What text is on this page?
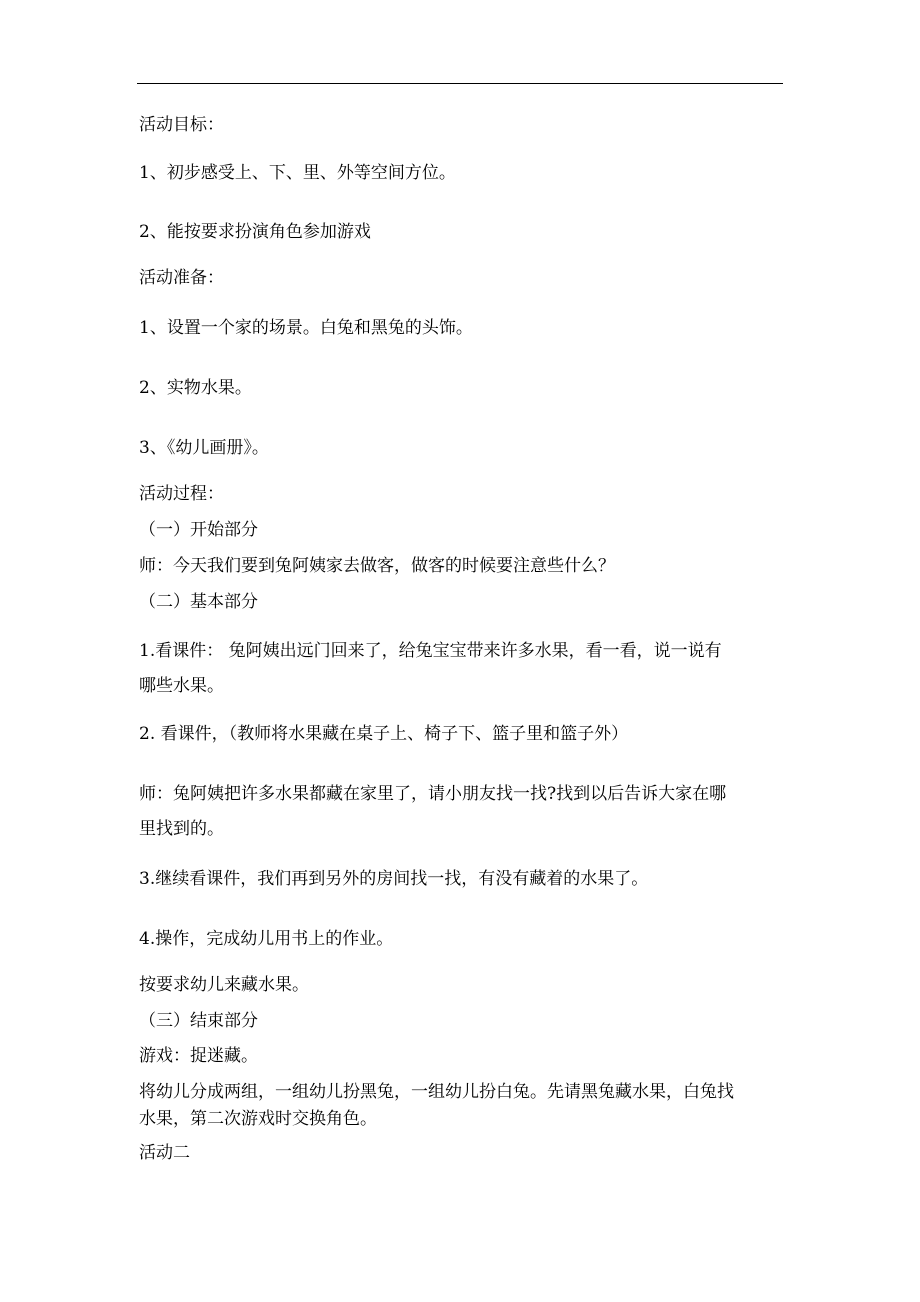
活动目标：
1、初步感受上、下、里、外等空间方位。
2、能按要求扮演角色参加游戏
活动准备：
1、设置一个家的场景。白兔和黑兔的头饰。
2、实物水果。
3、《幼儿画册》。
活动过程：
（一）开始部分
师：今天我们要到兔阿姨家去做客，做客的时候要注意些什么？
（二）基本部分
1.看课件： 兔阿姨出远门回来了，给兔宝宝带来许多水果，看一看，说一说有
哪些水果。
2. 看课件，（教师将水果藏在桌子上、椅子下、篮子里和篮子外）
师：兔阿姨把许多水果都藏在家里了，请小朋友找一找?找到以后告诉大家在哪
里找到的。
3.继续看课件，我们再到另外的房间找一找，有没有藏着的水果了。
4.操作，完成幼儿用书上的作业。
按要求幼儿来藏水果。
（三）结束部分
游戏：捉迷藏。
将幼儿分成两组，一组幼儿扮黑兔，一组幼儿扮白兔。先请黑兔藏水果，白兔找
水果，第二次游戏时交换角色。
活动二
